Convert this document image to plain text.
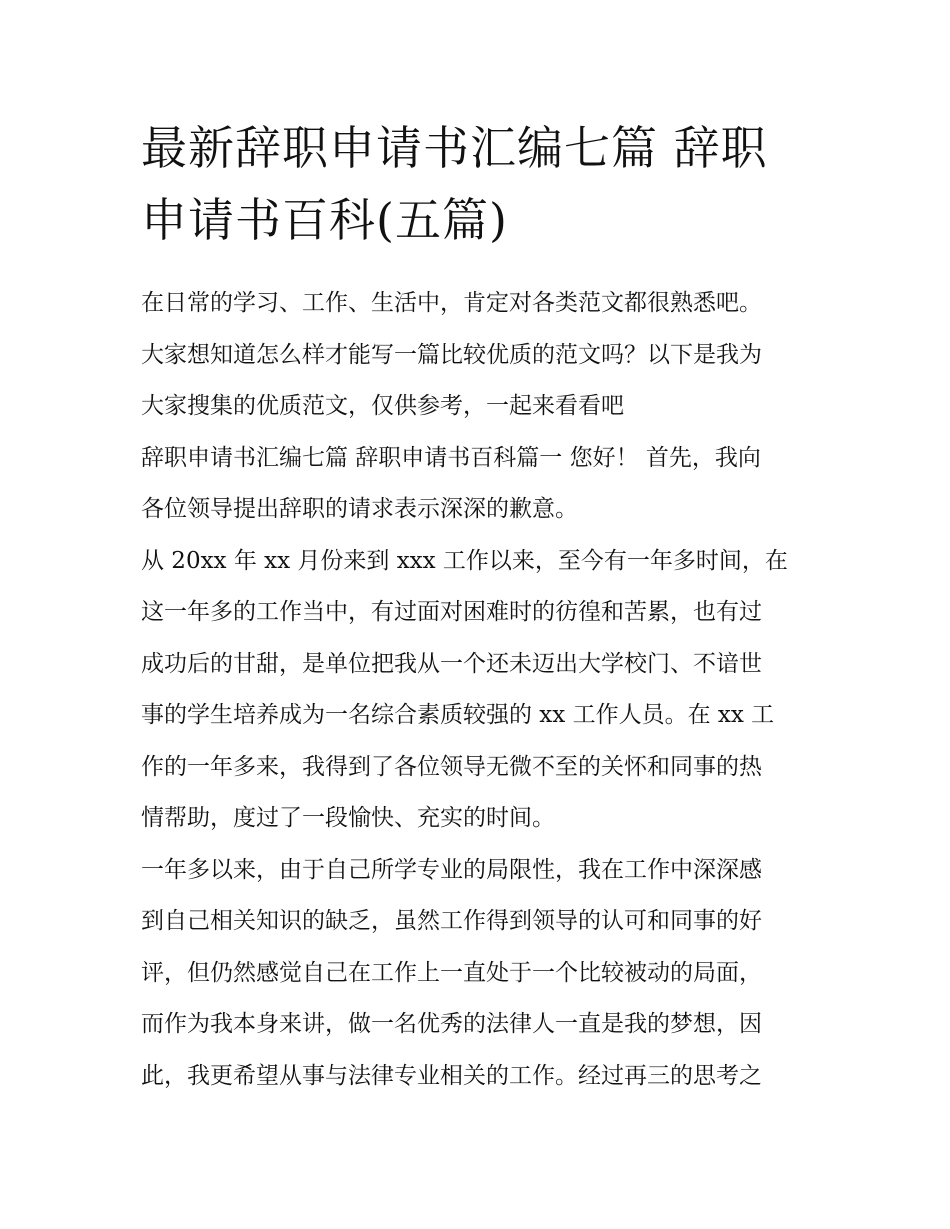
最新辞职申请书汇编七篇 辞职
申请书百科(五篇)
在日常的学习、工作、生活中，肯定对各类范文都很熟悉吧。
大家想知道怎么样才能写一篇比较优质的范文吗？以下是我为
大家搜集的优质范文，仅供参考，一起来看看吧
辞职申请书汇编七篇 辞职申请书百科篇一 您好！ 首先，我向
各位领导提出辞职的请求表示深深的歉意。
从 20xx 年 xx 月份来到 xxx 工作以来，至今有一年多时间，在
这一年多的工作当中，有过面对困难时的彷徨和苦累，也有过
成功后的甘甜，是单位把我从一个还未迈出大学校门、不谙世
事的学生培养成为一名综合素质较强的 xx 工作人员。在 xx 工
作的一年多来，我得到了各位领导无微不至的关怀和同事的热
情帮助，度过了一段愉快、充实的时间。
一年多以来，由于自己所学专业的局限性，我在工作中深深感
到自己相关知识的缺乏，虽然工作得到领导的认可和同事的好
评，但仍然感觉自己在工作上一直处于一个比较被动的局面，
而作为我本身来讲，做一名优秀的法律人一直是我的梦想，因
此，我更希望从事与法律专业相关的工作。经过再三的思考之
